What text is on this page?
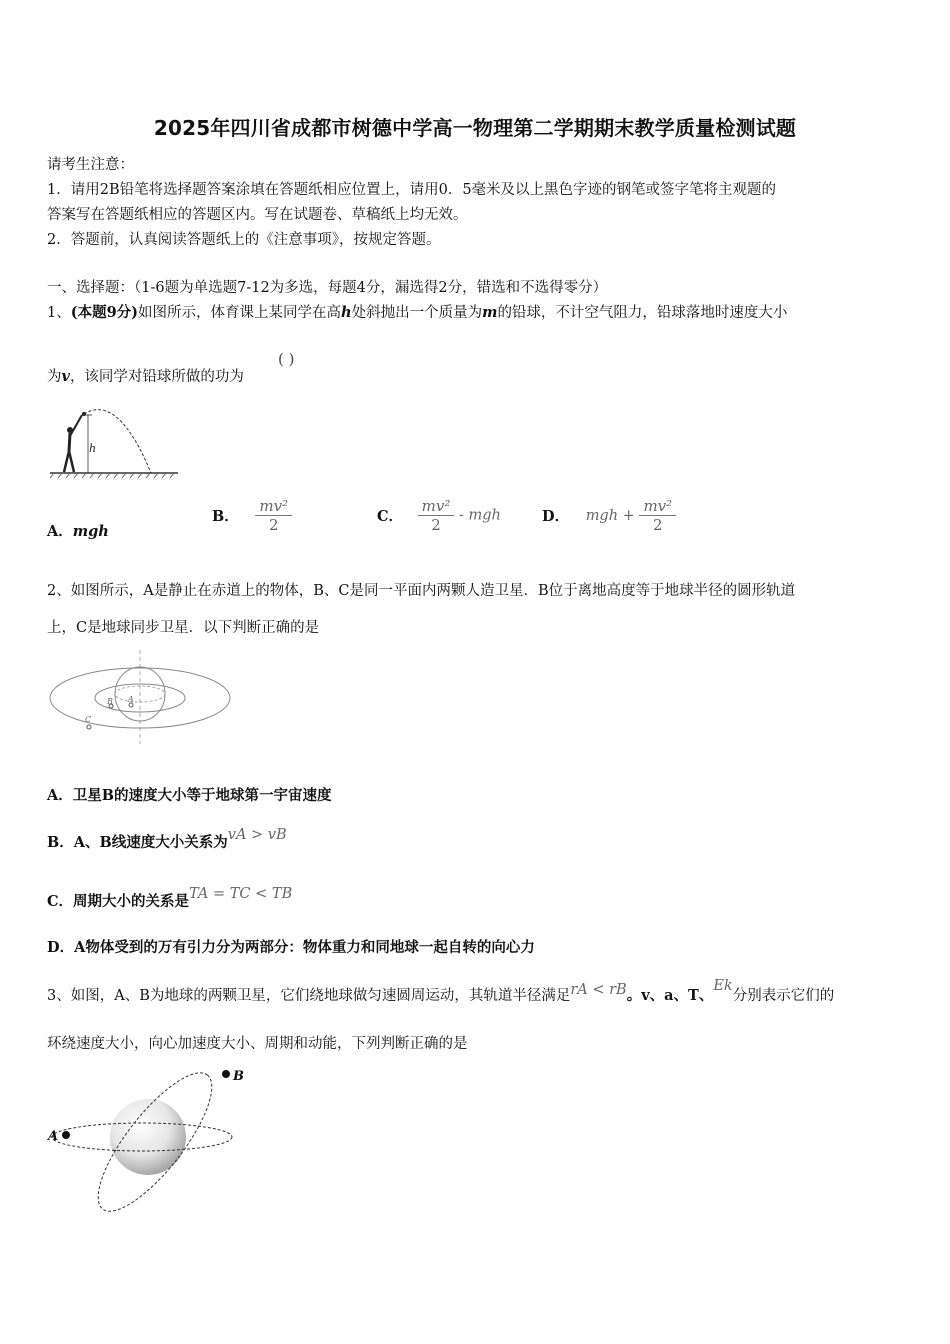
2025年四川省成都市树德中学高一物理第二学期期末教学质量检测试题
请考生注意：
1．请用2B铅笔将选择题答案涂填在答题纸相应位置上，请用0．5毫米及以上黑色字迹的钢笔或签字笔将主观题的
答案写在答题纸相应的答题区内。写在试题卷、草稿纸上均无效。
2．答题前，认真阅读答题纸上的《注意事项》，按规定答题。
一、选择题：（1-6题为单选题7-12为多选，每题4分，漏选得2分，错选和不选得零分）
1、(本题9分)如图所示，体育课上某同学在高h处斜抛出一个质量为m的铅球，不计空气阻力，铅球落地时速度大小
为v，该同学对铅球所做的功为
( )
h
A．mgh
B． $\frac{\text{mv²}}{2}$	C． $\frac{\text{mv²}}{2}$ - mgh	D． mgh + $\frac{\text{mv²}}{2}$
2、如图所示，A是静止在赤道上的物体，B、C是同一平面内两颗人造卫星．B位于离地高度等于地球半径的圆形轨道
上，C是地球同步卫星．以下判断正确的是
B A
C
A．卫星B的速度大小等于地球第一宇宙速度
B．A、B线速度大小关系为vA > vB
C．周期大小的关系是TA = TC < TB
D．A物体受到的万有引力分为两部分：物体重力和同地球一起自转的向心力
3、如图，A、B为地球的两颗卫星，它们绕地球做匀速圆周运动，其轨道半径满足rA < rB。v、a、T、Ek分别表示它们的
环绕速度大小，向心加速度大小、周期和动能，下列判断正确的是
A
B
